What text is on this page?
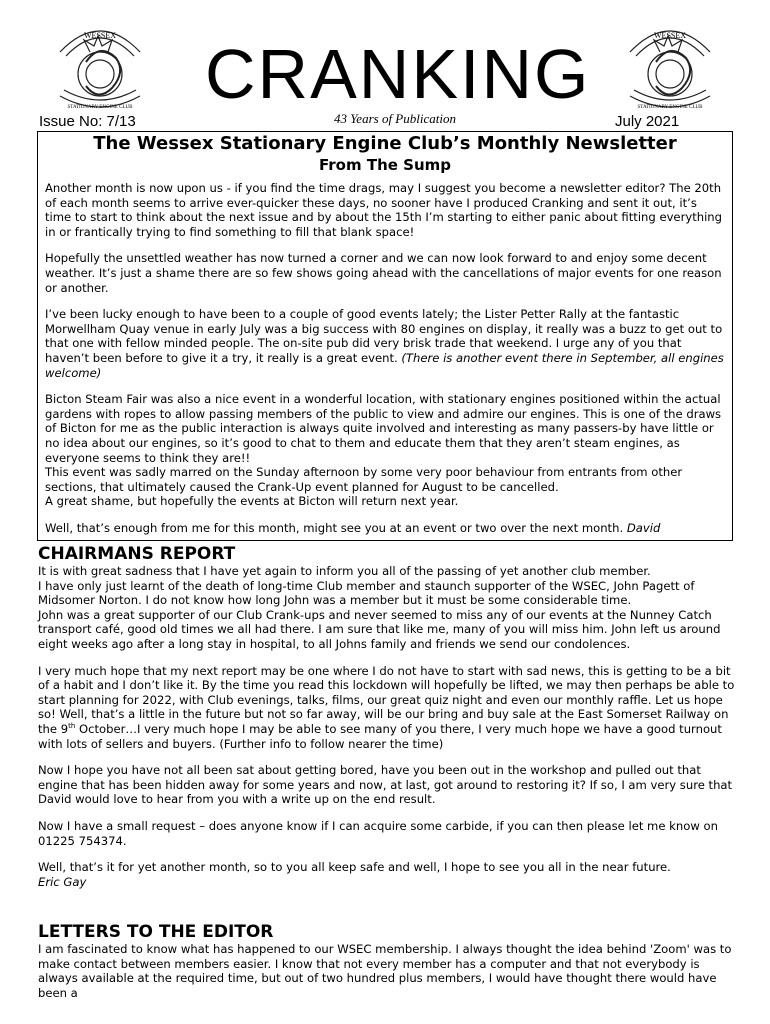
WESSEX
STATIONARY ENGINE CLUB
WESSEX
STATIONARY ENGINE CLUB
CRANKING
Issue No: 7/13	43 Years of Publication	July 2021
The Wessex Stationary Engine Club’s Monthly Newsletter
From The Sump

Another month is now upon us - if you find the time drags, may I suggest you become a newsletter editor? The 20th of each month seems to arrive ever-quicker these days, no sooner have I produced Cranking and sent it out, it’s time to start to think about the next issue and by about the 15th I’m starting to either panic about fitting everything in or frantically trying to find something to fill that blank space!

Hopefully the unsettled weather has now turned a corner and we can now look forward to and enjoy some decent weather. It’s just a shame there are so few shows going ahead with the cancellations of major events for one reason or another.

I’ve been lucky enough to have been to a couple of good events lately; the Lister Petter Rally at the fantastic Morwellham Quay venue in early July was a big success with 80 engines on display, it really was a buzz to get out to that one with fellow minded people. The on-site pub did very brisk trade that weekend. I urge any of you that haven’t been before to give it a try, it really is a great event. (There is another event there in September, all engines welcome)

Bicton Steam Fair was also a nice event in a wonderful location, with stationary engines positioned within the actual gardens with ropes to allow passing members of the public to view and admire our engines. This is one of the draws of Bicton for me as the public interaction is always quite involved and interesting as many passers-by have little or no idea about our engines, so it’s good to chat to them and educate them that they aren’t steam engines, as everyone seems to think they are!!

This event was sadly marred on the Sunday afternoon by some very poor behaviour from entrants from other sections, that ultimately caused the Crank-Up event planned for August to be cancelled.

A great shame, but hopefully the events at Bicton will return next year.

Well, that’s enough from me for this month, might see you at an event or two over the next month. David

CHAIRMANS REPORT

It is with great sadness that I have yet again to inform you all of the passing of yet another club member.

I have only just learnt of the death of long-time Club member and staunch supporter of the WSEC, John Pagett of Midsomer Norton. I do not know how long John was a member but it must be some considerable time.

John was a great supporter of our Club Crank-ups and never seemed to miss any of our events at the Nunney Catch transport café, good old times we all had there. I am sure that like me, many of you will miss him. John left us around eight weeks ago after a long stay in hospital, to all Johns family and friends we send our condolences.

I very much hope that my next report may be one where I do not have to start with sad news, this is getting to be a bit of a habit and I don’t like it. By the time you read this lockdown will hopefully be lifted, we may then perhaps be able to start planning for 2022, with Club evenings, talks, films, our great quiz night and even our monthly raffle. Let us hope so! Well, that’s a little in the future but not so far away, will be our bring and buy sale at the East Somerset Railway on the 9th October…I very much hope I may be able to see many of you there, I very much hope we have a good turnout with lots of sellers and buyers. (Further info to follow nearer the time)

Now I hope you have not all been sat about getting bored, have you been out in the workshop and pulled out that engine that has been hidden away for some years and now, at last, got around to restoring it? If so, I am very sure that David would love to hear from you with a write up on the end result.

Now I have a small request – does anyone know if I can acquire some carbide, if you can then please let me know on 01225 754374.

Well, that’s it for yet another month, so to you all keep safe and well, I hope to see you all in the near future.

Eric Gay

LETTERS TO THE EDITOR

I am fascinated to know what has happened to our WSEC membership. I always thought the idea behind 'Zoom' was to make contact between members easier. I know that not every member has a computer and that not everybody is always available at the required time, but out of two hundred plus members, I would have thought there would have been a
